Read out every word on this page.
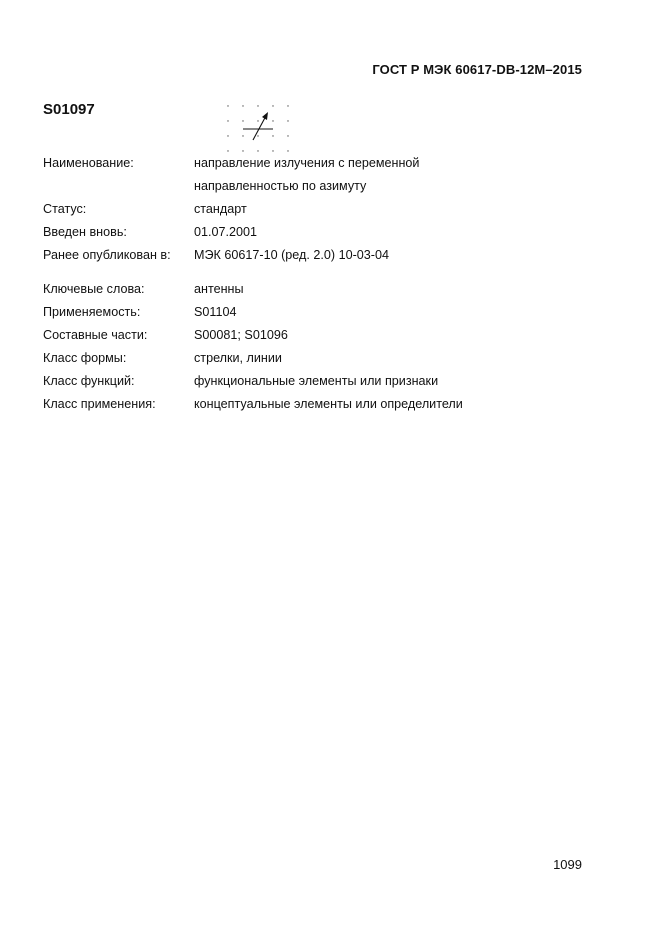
ГОСТ Р МЭК 60617-DB-12M–2015
S01097
Наименование:	направление излучения с переменной
направленностью по азимуту
Статус:	стандарт
Введен вновь:	01.07.2001
Ранее опубликован в:	МЭК 60617-10 (ред. 2.0) 10-03-04
Ключевые слова:	антенны
Применяемость:	S01104
Составные части:	S00081; S01096
Класс формы:	стрелки, линии
Класс функций:	функциональные элементы или признаки
Класс применения:	концептуальные элементы или определители
1099
